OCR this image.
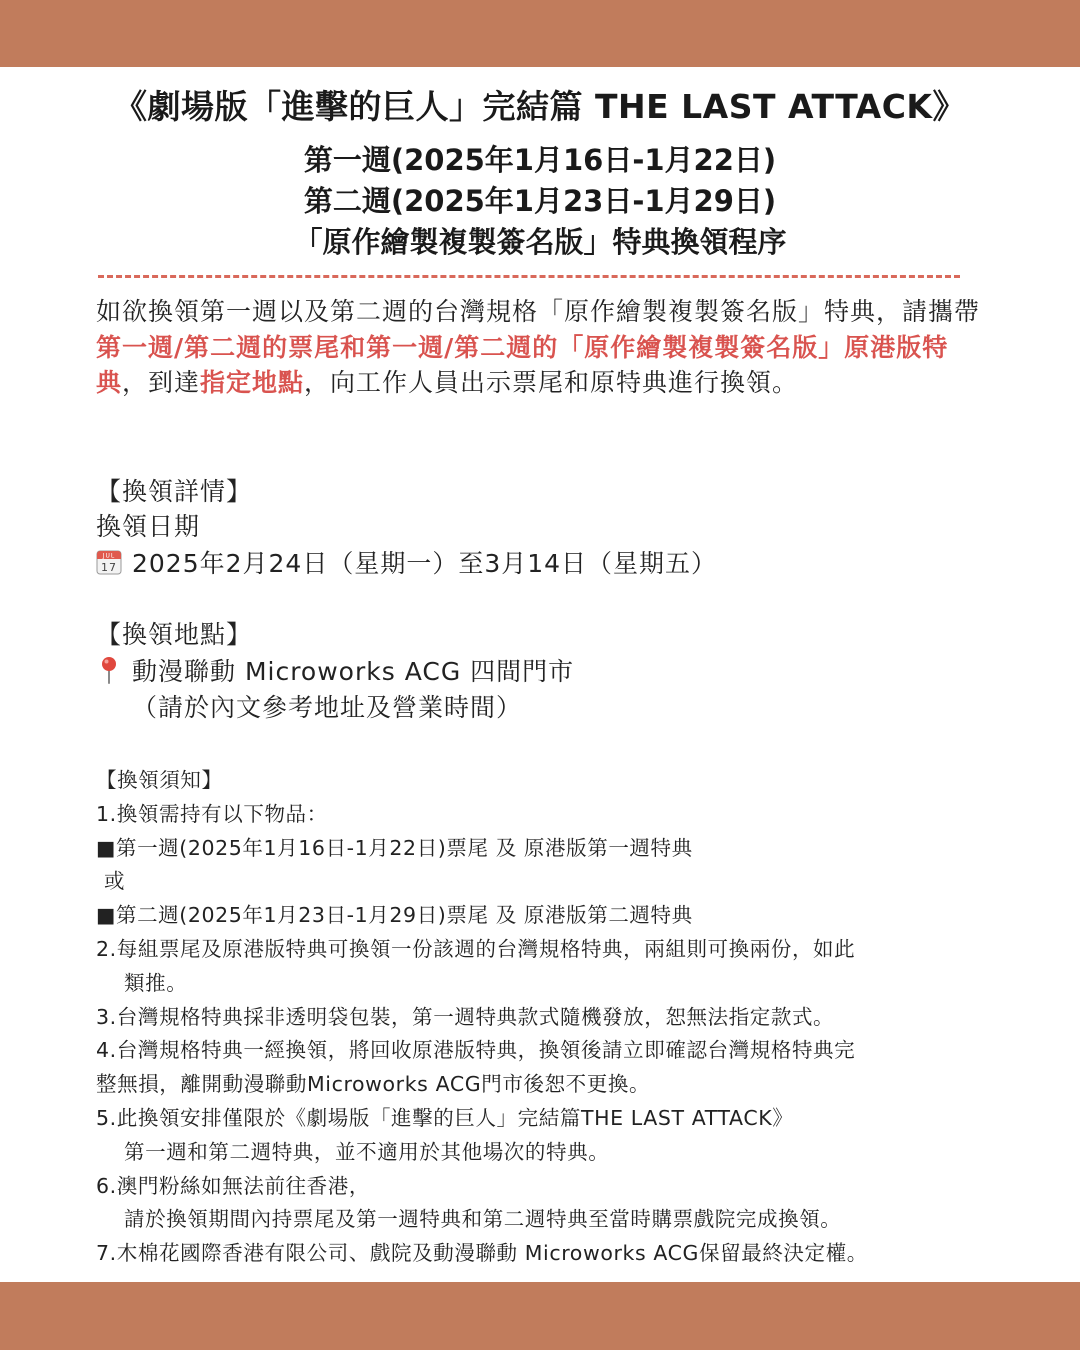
《劇場版「進擊的巨人」完結篇 THE LAST ATTACK》
第一週(2025年1月16日-1月22日)
第二週(2025年1月23日-1月29日)
「原作繪製複製簽名版」特典換領程序
如欲換領第一週以及第二週的台灣規格「原作繪製複製簽名版」特典，請攜帶第一週/第二週的票尾和第一週/第二週的「原作繪製複製簽名版」原港版特典，到達指定地點，向工作人員出示票尾和原特典進行換領。
【換領詳情】
換領日期
JUL
17 2025年2月24日（星期一）至3月14日（星期五）
【換領地點】
動漫聯動 Microworks ACG 四間門市
（請於內文參考地址及營業時間）
【換領須知】
1.換領需持有以下物品：
■第一週(2025年1月16日-1月22日)票尾 及 原港版第一週特典
或
■第二週(2025年1月23日-1月29日)票尾 及 原港版第二週特典
2.每組票尾及原港版特典可換領一份該週的台灣規格特典，兩組則可換兩份，如此
類推。
3.台灣規格特典採非透明袋包裝，第一週特典款式隨機發放，恕無法指定款式。
4.台灣規格特典一經換領，將回收原港版特典，換領後請立即確認台灣規格特典完
整無損，離開動漫聯動Microworks ACG門市後恕不更換。
5.此換領安排僅限於《劇場版「進擊的巨人」完結篇THE LAST ATTACK》
第一週和第二週特典，並不適用於其他場次的特典。
6.澳門粉絲如無法前往香港，
請於換領期間內持票尾及第一週特典和第二週特典至當時購票戲院完成換領。
7.木棉花國際香港有限公司、戲院及動漫聯動 Microworks ACG保留最終決定權。
